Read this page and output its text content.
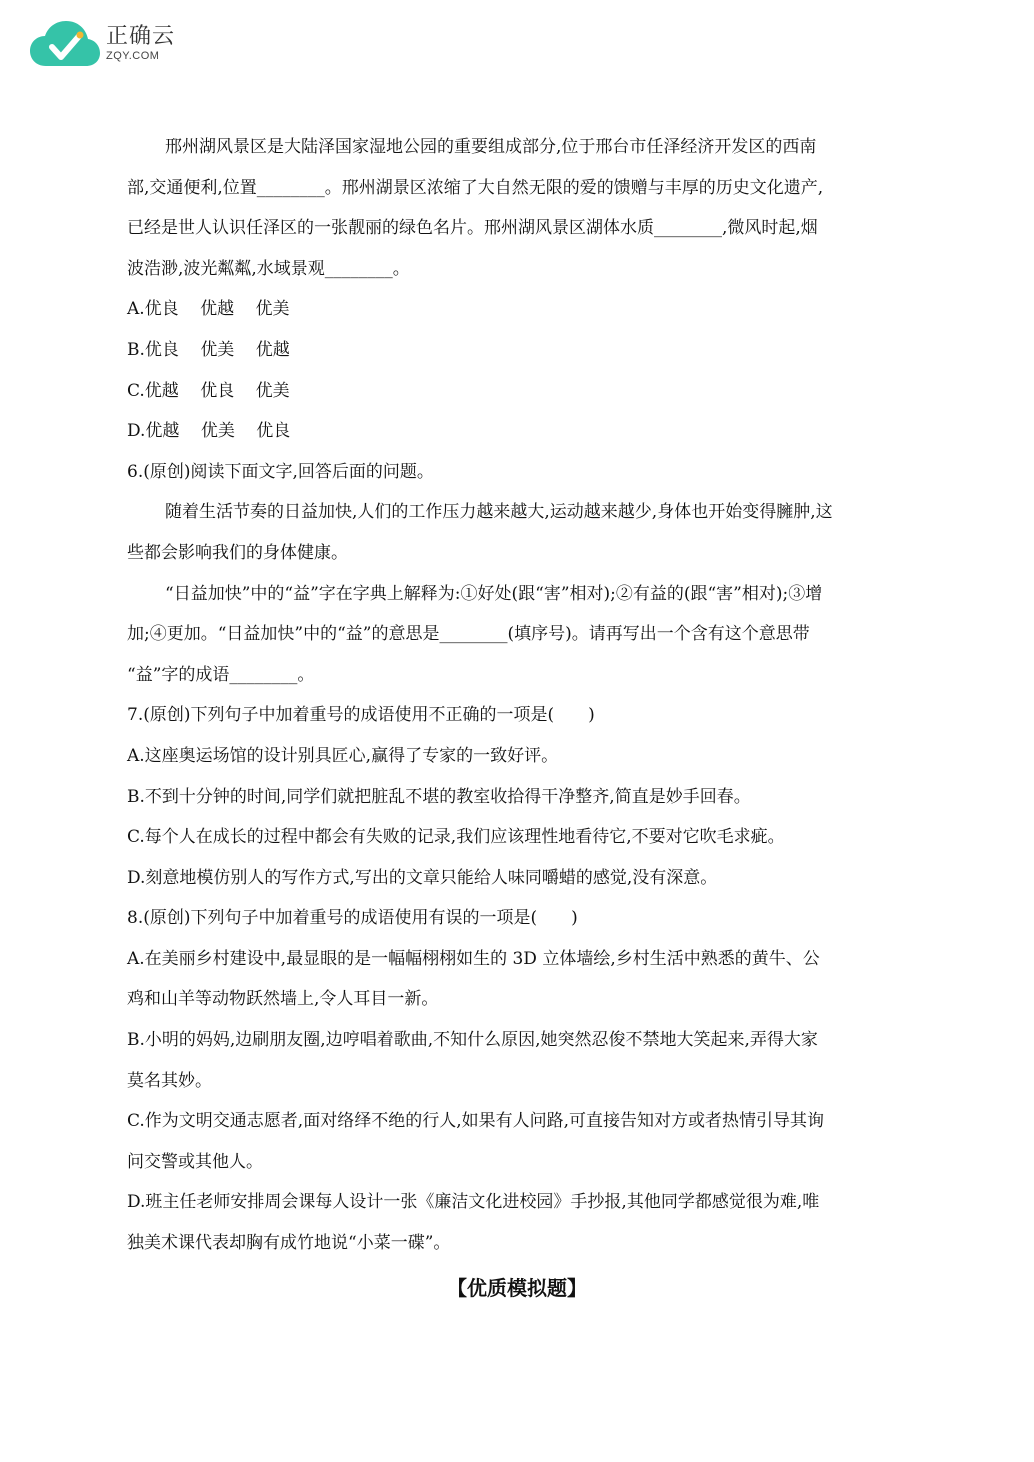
正确云
ZQY.COM
邢州湖风景区是大陆泽国家湿地公园的重要组成部分,位于邢台市任泽经济开发区的西南
部,交通便利,位置________。邢州湖景区浓缩了大自然无限的爱的馈赠与丰厚的历史文化遗产,
已经是世人认识任泽区的一张靓丽的绿色名片。邢州湖风景区湖体水质________,微风时起,烟
波浩渺,波光粼粼,水域景观________。
A.优良 优越 优美
B.优良 优美 优越
C.优越 优良 优美
D.优越 优美 优良
6.(原创)阅读下面文字,回答后面的问题。
随着生活节奏的日益加快,人们的工作压力越来越大,运动越来越少,身体也开始变得臃肿,这
些都会影响我们的身体健康。
“日益加快”中的“益”字在字典上解释为:①好处(跟“害”相对);②有益的(跟“害”相对);③增
加;④更加。“日益加快”中的“益”的意思是________(填序号)。请再写出一个含有这个意思带
“益”字的成语________。
7.(原创)下列句子中加着重号的成语使用不正确的一项是(　　)
A.这座奥运场馆的设计别具匠心,赢得了专家的一致好评。
B.不到十分钟的时间,同学们就把脏乱不堪的教室收拾得干净整齐,简直是妙手回春。
C.每个人在成长的过程中都会有失败的记录,我们应该理性地看待它,不要对它吹毛求疵。
D.刻意地模仿别人的写作方式,写出的文章只能给人味同嚼蜡的感觉,没有深意。
8.(原创)下列句子中加着重号的成语使用有误的一项是(　　)
A.在美丽乡村建设中,最显眼的是一幅幅栩栩如生的 3D 立体墙绘,乡村生活中熟悉的黄牛、公
鸡和山羊等动物跃然墙上,令人耳目一新。
B.小明的妈妈,边刷朋友圈,边哼唱着歌曲,不知什么原因,她突然忍俊不禁地大笑起来,弄得大家
莫名其妙。
C.作为文明交通志愿者,面对络绎不绝的行人,如果有人问路,可直接告知对方或者热情引导其询
问交警或其他人。
D.班主任老师安排周会课每人设计一张《廉洁文化进校园》手抄报,其他同学都感觉很为难,唯
独美术课代表却胸有成竹地说“小菜一碟”。
【优质模拟题】
